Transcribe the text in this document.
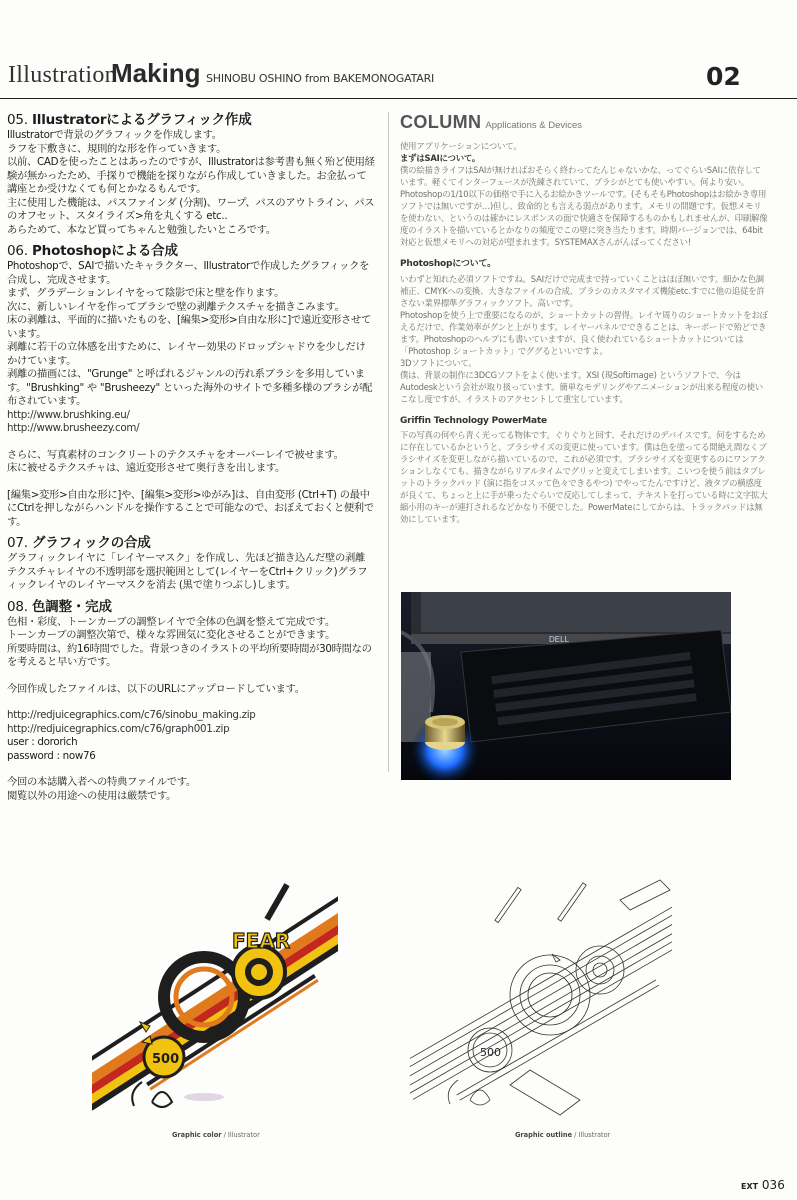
Illustration
Making SHINOBU OSHINO from BAKEMONOGATARI	02
05. Illustratorによるグラフィック作成

Illustratorで背景のグラフィックを作成します。

ラフを下敷きに、規則的な形を作っていきます。

以前、CADを使ったことはあったのですが、Illustratorは参考書も無く殆ど使用経験が無かったため、手探りで機能を探りながら作成していきました。お金払って講座とか受けなくても何とかなるもんです。

主に使用した機能は、パスファインダ (分割)、ワープ、パスのアウトライン、パスのオフセット、スタイライズ>角を丸くする etc..

あらためて、本など買ってちゃんと勉強したいところです。

06. Photoshopによる合成

Photoshopで、SAIで描いたキャラクター、Illustratorで作成したグラフィックを合成し、完成させます。

まず、グラデーションレイヤをって陰影で床と壁を作ります。

次に、新しいレイヤを作ってブラシで壁の剥離テクスチャを描きこみます。

床の剥離は、平面的に描いたものを、[編集>変形>自由な形に]で遠近変形させています。

剥離に若干の立体感を出すために、レイヤー効果のドロップシャドウを少しだけかけています。

剥離の描画には、"Grunge" と呼ばれるジャンルの汚れ系ブラシを多用しています。"Brushking" や "Brusheezy" といった海外のサイトで多種多様のブラシが配布されています。

http://www.brushking.eu/

http://www.brusheezy.com/

さらに、写真素材のコンクリートのテクスチャをオーバーレイで被せます。

床に被せるテクスチャは、遠近変形させて奥行きを出します。

[編集>変形>自由な形に]や、[編集>変形>ゆがみ]は、自由変形 (Ctrl+T) の最中にCtrlを押しながらハンドルを操作することで可能なので、おぼえておくと便利です。

07. グラフィックの合成

グラフィックレイヤに「レイヤーマスク」を作成し、先ほど描き込んだ壁の剥離テクスチャレイヤの不透明部を選択範囲として(レイヤーをCtrl+クリック)グラフィックレイヤのレイヤーマスクを消去 (黒で塗りつぶし)します。

08. 色調整・完成

色相・彩度、トーンカーブの調整レイヤで全体の色調を整えて完成です。

トーンカーブの調整次第で、様々な雰囲気に変化させることができます。

所要時間は、約16時間でした。背景つきのイラストの平均所要時間が30時間なのを考えると早い方です。

今回作成したファイルは、以下のURLにアップロードしています。

http://redjuicegraphics.com/c76/sinobu_making.zip

http://redjuicegraphics.com/c76/graph001.zip

user : dororich

password : now76

今回の本誌購入者への特典ファイルです。

閲覧以外の用途への使用は厳禁です。

COLUMN Applications & Devices

使用アプリケーションについて。

まずはSAIについて。

僕の絵描きライフはSAIが無ければおそらく終わってたんじゃないかな、ってぐらいSAIに依存しています。軽くてインターフェースが洗練されていて、ブラシがとても使いやすい。何より安い。Photoshopの1/10以下の価格で手に入るお絵かきツールです。(そもそもPhotoshopはお絵かき専用ソフトでは無いですが…)但し、致命的とも言える弱点があります。メモリの問題です。仮想メモリを使わない、というのは確かにレスポンスの面で快適さを保障するものかもしれませんが、印刷解像度のイラストを描いているとかなりの頻度でこの壁に突き当たります。時期バージョンでは、64bit対応と仮想メモリへの対応が望まれます。SYSTEMAXさんがんばってください!

Photoshopについて。

いわずと知れた必須ソフトですね。SAIだけで完成まで持っていくことはほぼ無いです。細かな色調補正、CMYKへの変換、大きなファイルの合成、ブラシのカスタマイズ機能etc.すでに他の追従を許さない業界標準グラフィックソフト。高いです。

Photoshopを使う上で重要になるのが、ショートカットの習得。レイヤ周りのショートカットをおぼえるだけで、作業効率がグンと上がります。レイヤーパネルでできることは、キーボードで殆どできます。Photoshopのヘルプにも書いていますが、良く使われているショートカットについては「Photoshop ショートカット」でググるといいですよ。

3Dソフトについて。

僕は、背景の制作に3DCGソフトをよく使います。XSI (現Softimage) というソフトで、今はAutodeskという会社が取り扱っています。簡単なモデリングやアニメーションが出来る程度の使いこなし度ですが、イラストのアクセントして重宝しています。

Griffin Technology PowerMate

下の写真の何やら青く光ってる物体です。ぐりぐりと回す、それだけのデバイスです。何をするために存在しているかというと、ブラシサイズの変更に使っています。僕は色を塗ってる間絶え間なくブラシサイズを変更しながら描いているので、これが必須です。ブラシサイズを変更するのにワンアクションしなくても、描きながらリアルタイムでグリッと変えてしまいます。こいつを使う前はタブレットのトラックパッド (演に指をコスッて色々できるやつ) でやってたんですけど、液タブの横感度が良くて、ちょっと上に手が乗ったぐらいで反応してしまって、テキストを打っている時に文字拡大縮小用のキーが連打されるなどかなり不便でした。PowerMateにしてからは、トラックパッドは無効にしています。

DELL
500
FEAR
500
Graphic color / Illustrator	Graphic outline / Illustrator
EXT 036
